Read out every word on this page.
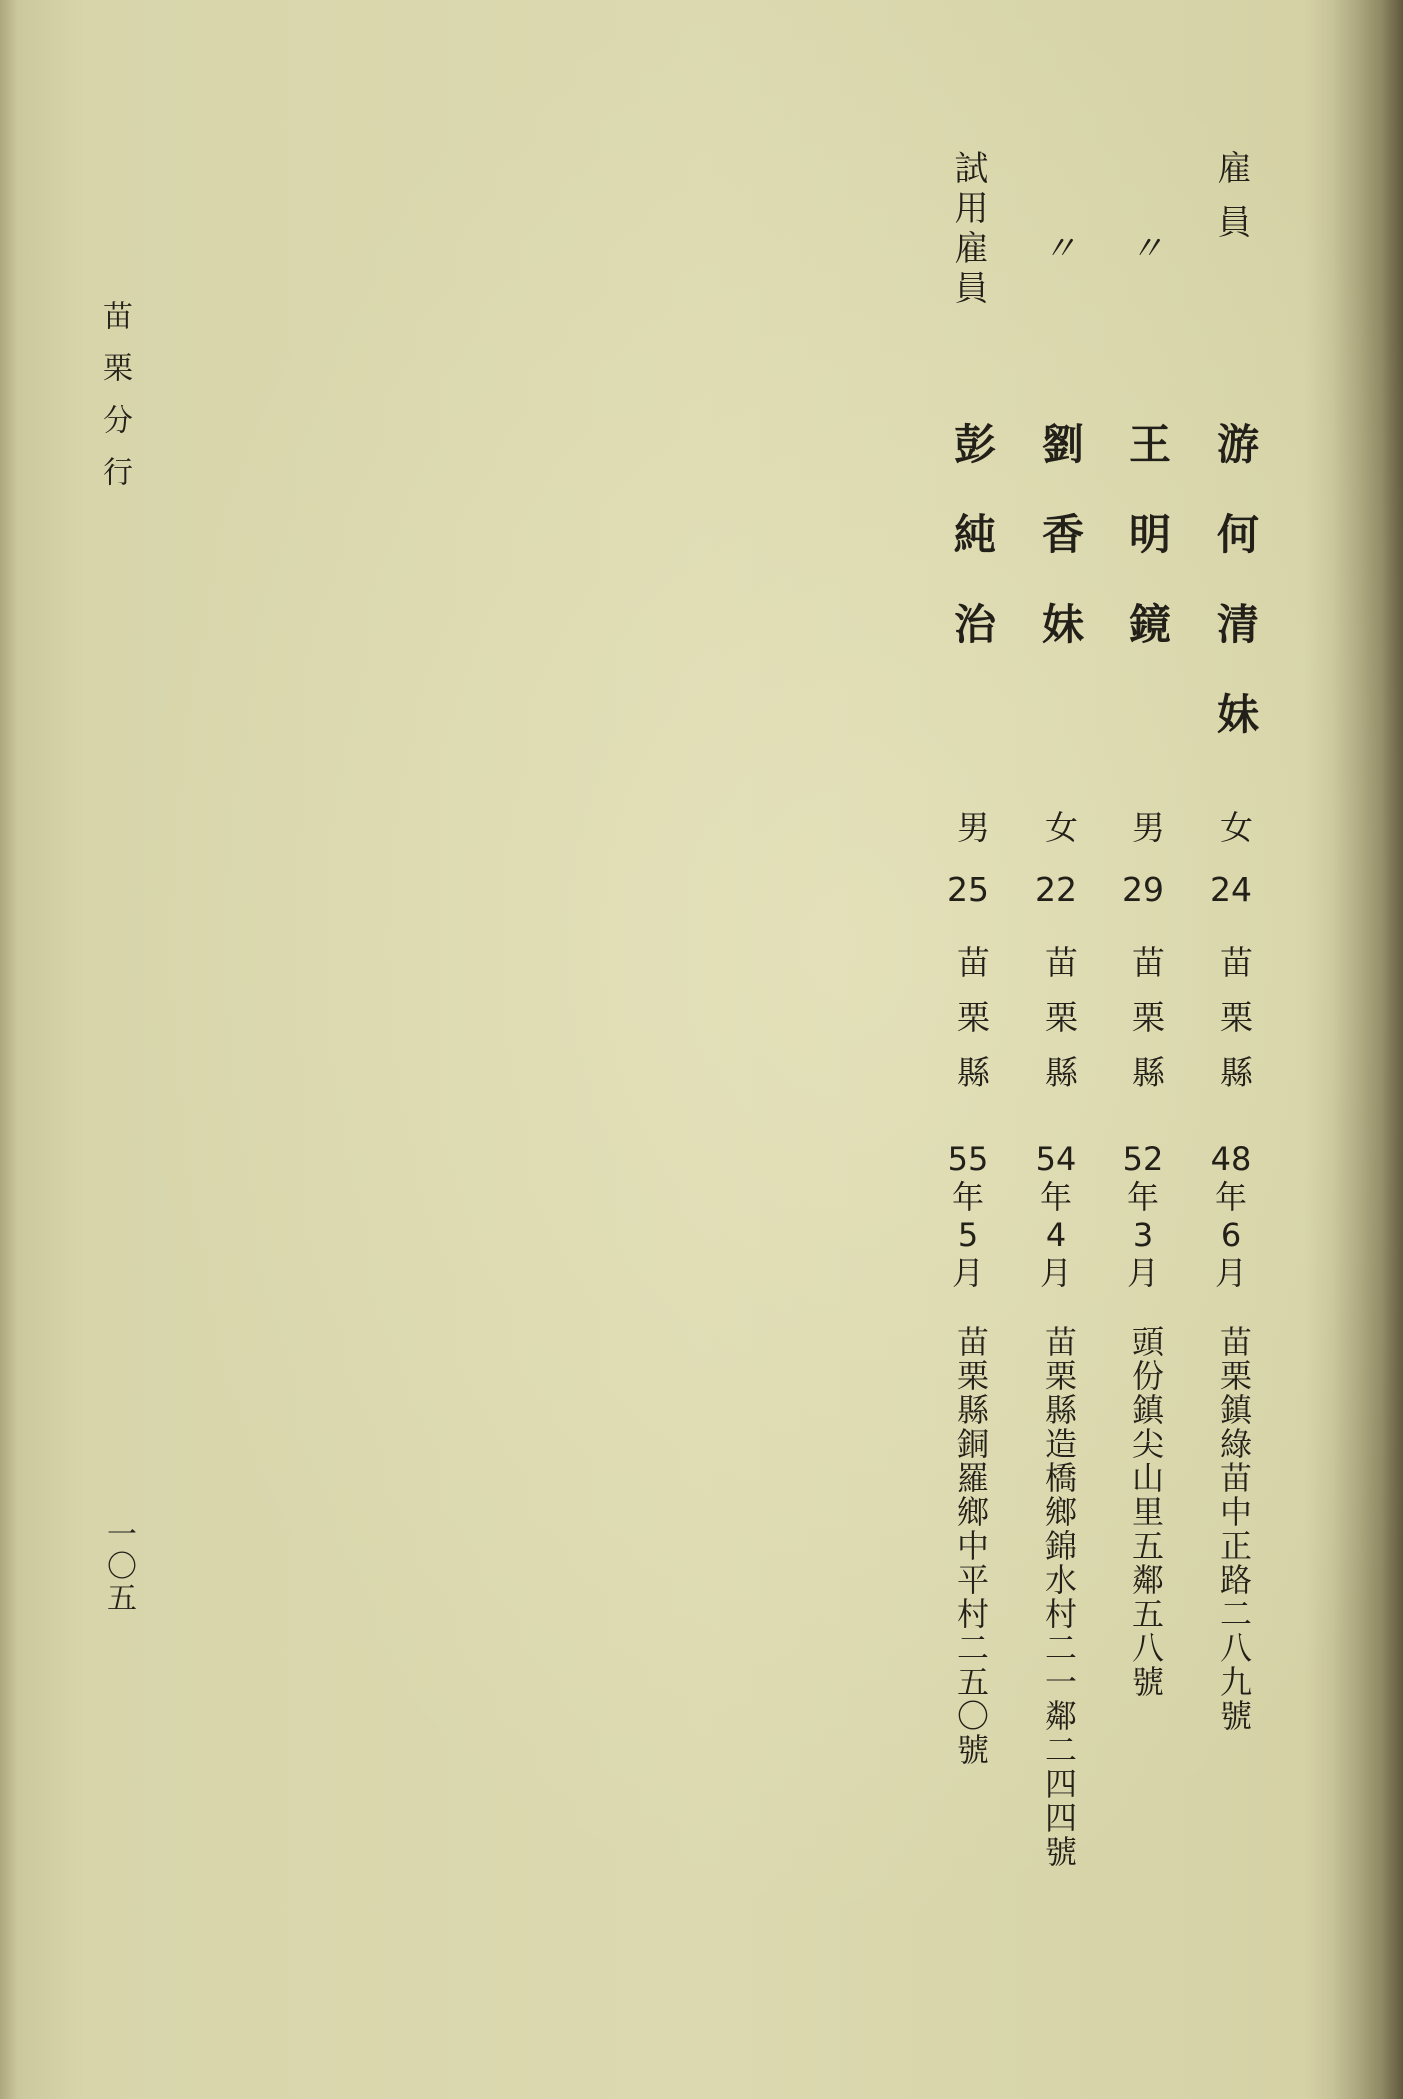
苗栗分行
一〇五
雇員
游何清妹
女
24
苗栗縣
48
年
6
月
苗栗鎮綠苗中正路二八九號
〃
王明鏡
男
29
苗栗縣
52
年
3
月
頭份鎮尖山里五鄰五八號
〃
劉香妹
女
22
苗栗縣
54
年
4
月
苗栗縣造橋鄉錦水村二一鄰二四四號
試用雇員
彭純治
男
25
苗栗縣
55
年
5
月
苗栗縣銅羅鄉中平村二五〇號
